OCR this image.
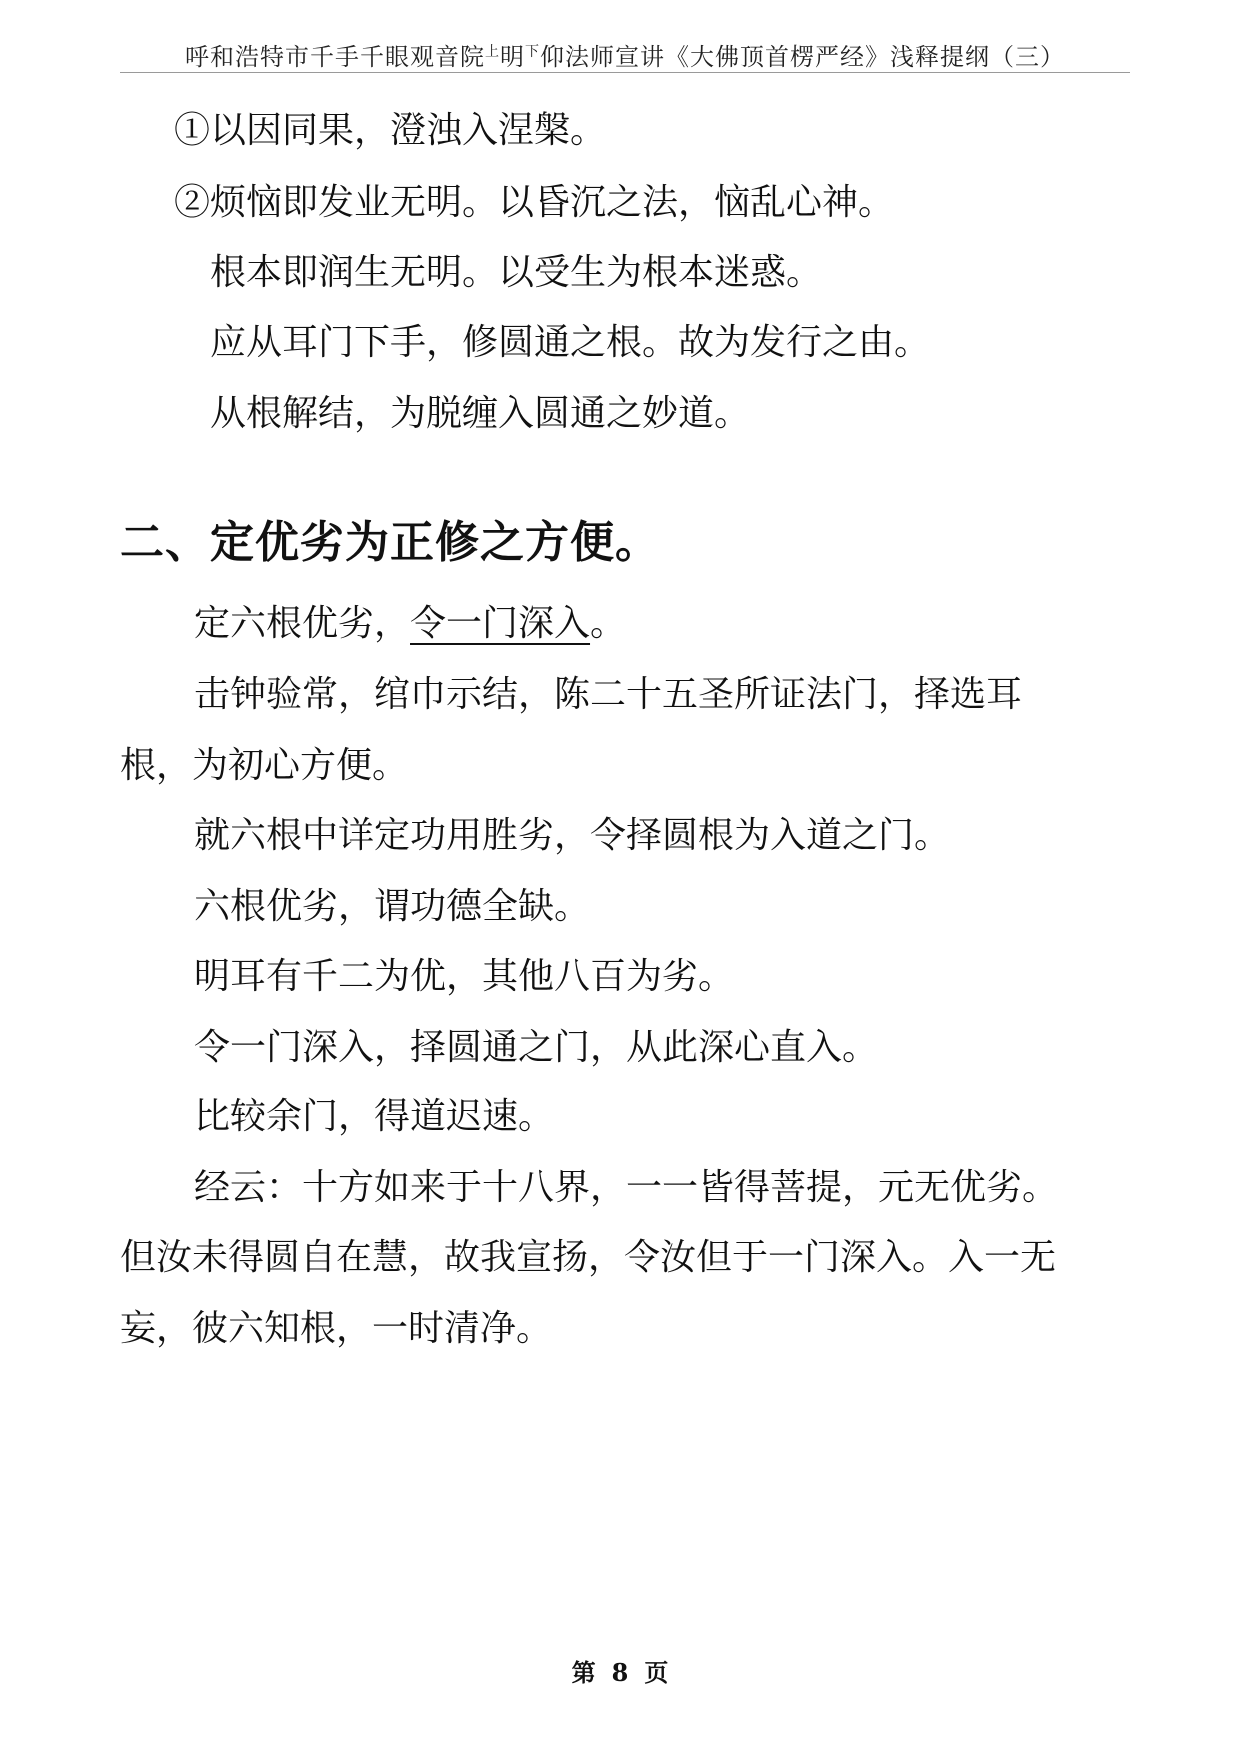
呼和浩特市千手千眼观音院$^上$明$^下$仰法师宣讲《大佛顶首楞严经》浅释提纲（三）
①以因同果，澄浊入涅槃。
②烦恼即发业无明。以昏沉之法，恼乱心神。
根本即润生无明。以受生为根本迷惑。
应从耳门下手，修圆通之根。故为发行之由。
从根解结，为脱缠入圆通之妙道。
二、定优劣为正修之方便。
定六根优劣，令一门深入。
击钟验常，绾巾示结，陈二十五圣所证法门，择选耳
根，为初心方便。
就六根中详定功用胜劣，令择圆根为入道之门。
六根优劣，谓功德全缺。
明耳有千二为优，其他八百为劣。
令一门深入，择圆通之门，从此深心直入。
比较余门，得道迟速。
经云：十方如来于十八界，一一皆得菩提，元无优劣。
但汝未得圆自在慧，故我宣扬，令汝但于一门深入。入一无
妄，彼六知根，一时清净。
第 8 页
